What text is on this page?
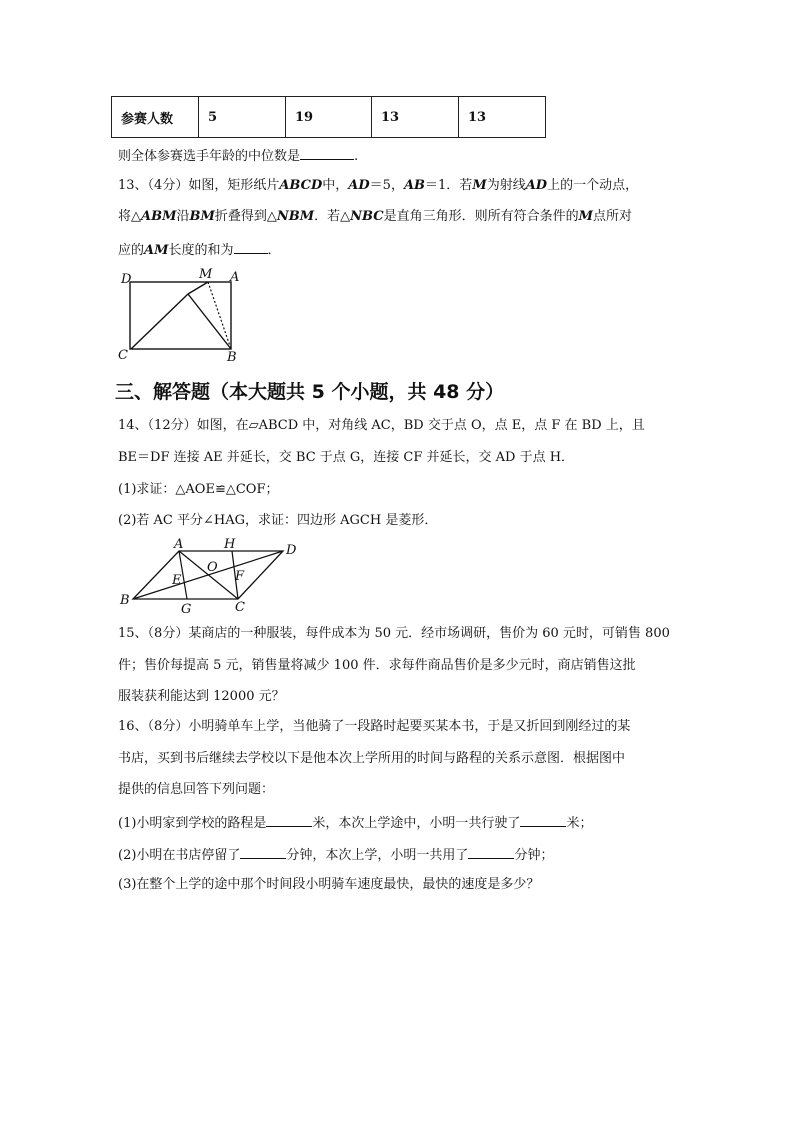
参赛人数	5	19	13	13
则全体参赛选手年龄的中位数是	.
13、（4分）如图，矩形纸片ABCD中，AD＝5，AB＝1．若M为射线AD上的一个动点，
将△ABM沿BM折叠得到△NBM．若△NBC是直角三角形．则所有符合条件的M点所对
应的AM长度的和为	．
D	M A
C	B
三、解答题（本大题共 5 个小题，共 48 分）
14、（12分）如图，在▱ABCD 中，对角线 AC，BD 交于点 O，点 E，点 F 在 BD 上，且
BE＝DF 连接 AE 并延长，交 BC 于点 G，连接 CF 并延长，交 AD 于点 H．
(1)求证：△AOE≌△COF；
(2)若 AC 平分∠HAG，求证：四边形 AGCH 是菱形．
A	H	D
O
E	F
B
G	C
15、（8分）某商店的一种服装，每件成本为 50 元．经市场调研，售价为 60 元时，可销售 800
件；售价每提高 5 元，销售量将减少 100 件．求每件商品售价是多少元时，商店销售这批
服装获利能达到 12000 元？
16、（8分）小明骑单车上学，当他骑了一段路时起要买某本书，于是又折回到刚经过的某
书店，买到书后继续去学校以下是他本次上学所用的时间与路程的关系示意图．根据图中
提供的信息回答下列问题：
(1)小明家到学校的路程是	米，本次上学途中，小明一共行驶了	米；
(2)小明在书店停留了	分钟，本次上学，小明一共用了	分钟；
(3)在整个上学的途中那个时间段小明骑车速度最快，最快的速度是多少？
